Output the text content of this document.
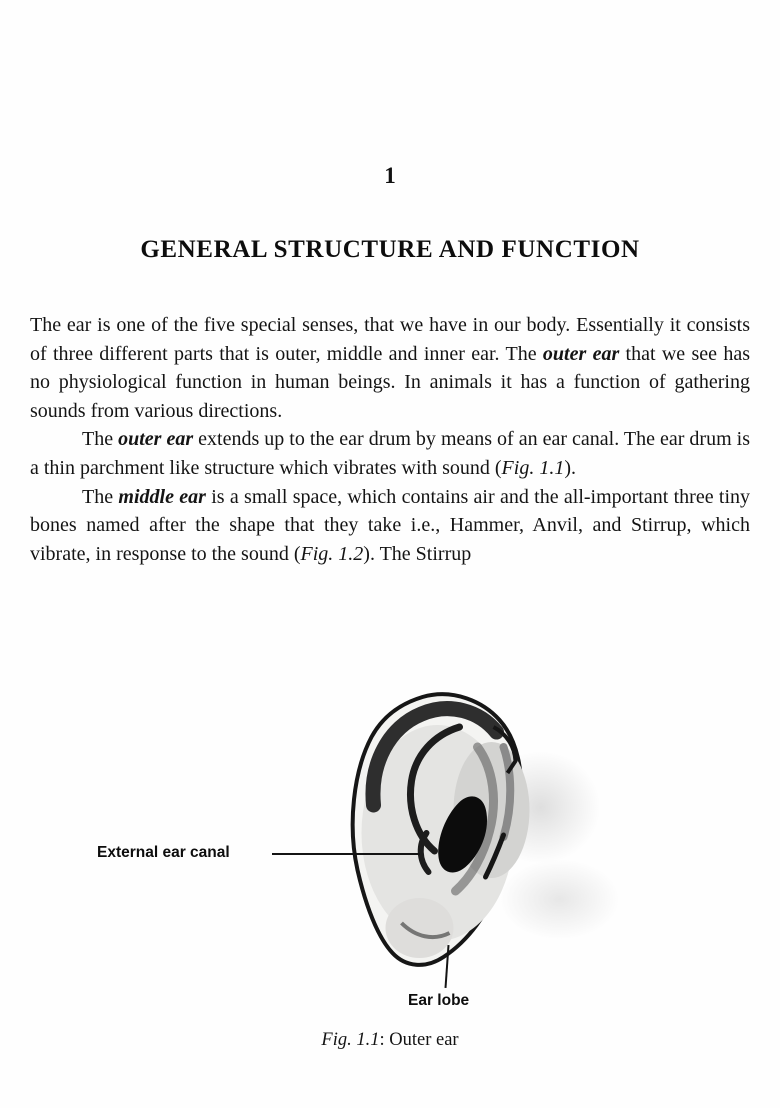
1
GENERAL STRUCTURE AND FUNCTION

The ear is one of the five special senses, that we have in our body. Essentially it consists of three different parts that is outer, middle and inner ear. The outer ear that we see has no physiological function in human beings. In animals it has a function of gathering sounds from various directions.

The outer ear extends up to the ear drum by means of an ear canal. The ear drum is a thin parchment like structure which vibrates with sound (Fig. 1.1).

The middle ear is a small space, which contains air and the all-important three tiny bones named after the shape that they take i.e., Hammer, Anvil, and Stirrup, which vibrate, in response to the sound (Fig. 1.2). The Stirrup

External ear canal
Ear lobe
Fig. 1.1: Outer ear
